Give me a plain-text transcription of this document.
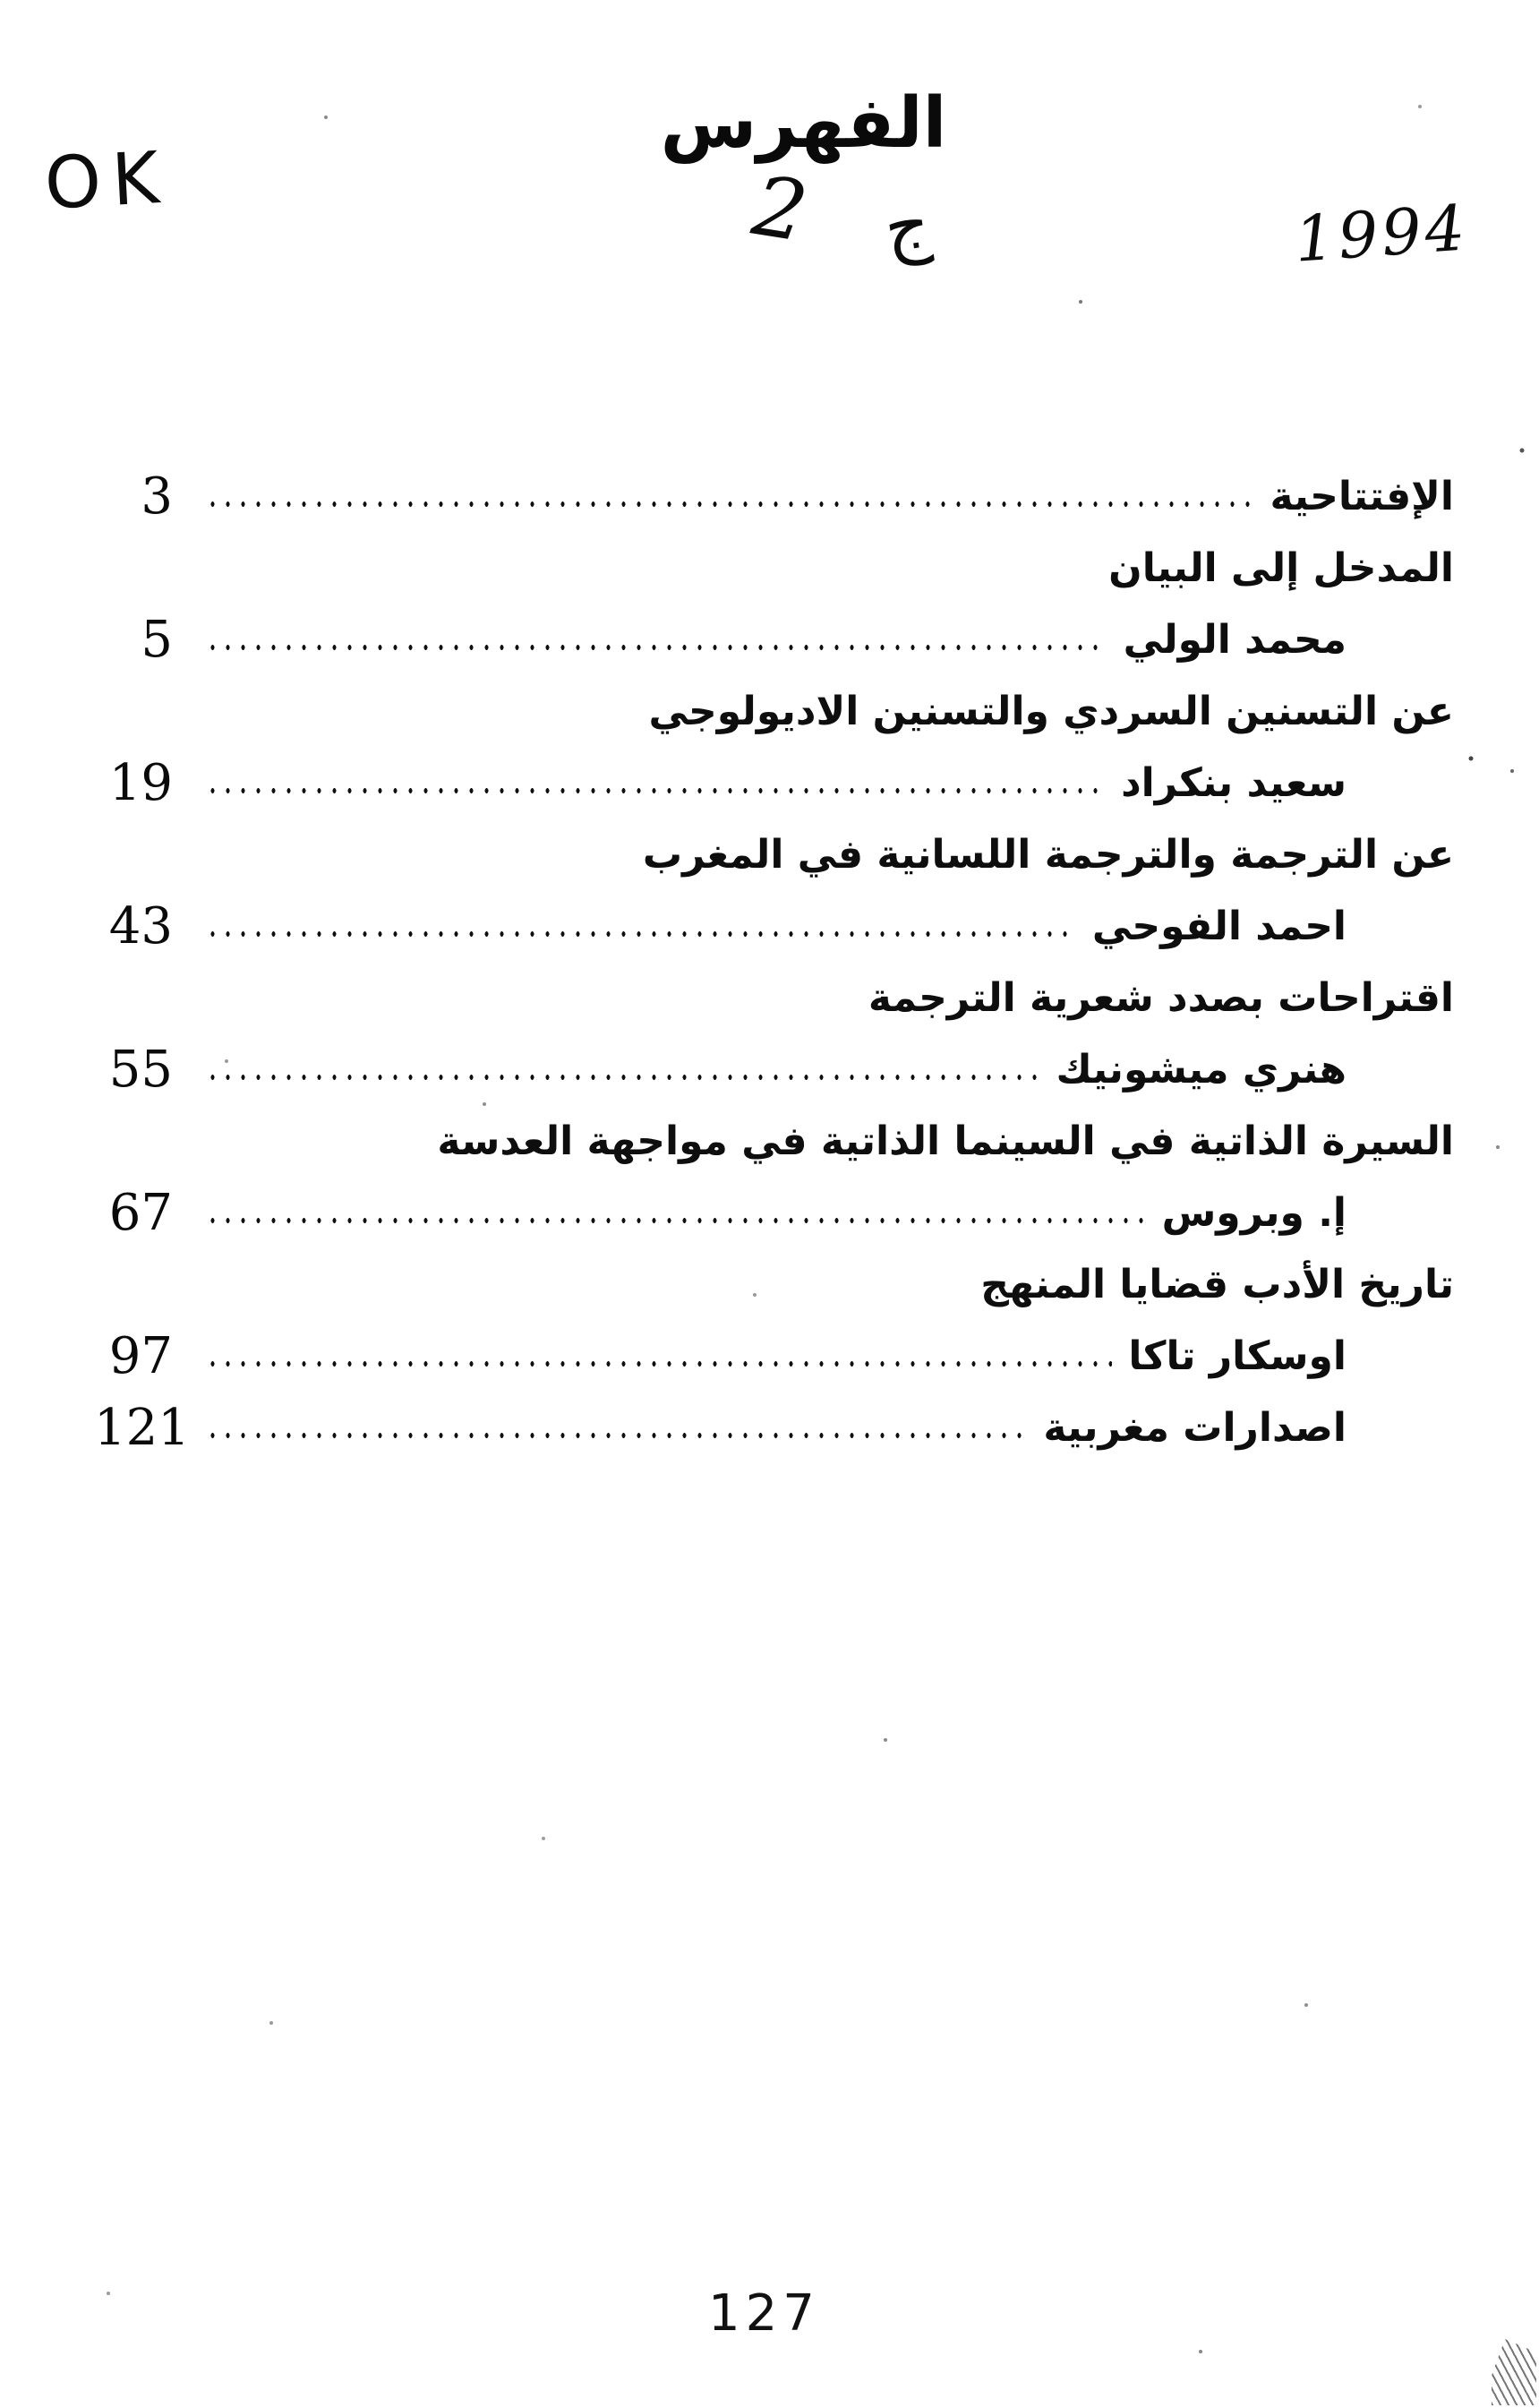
OK
الفهرس
2 ج	1994
الإفتتاحية
3
المدخل إلى البيان
محمد الولي
5
عن التسنين السردي والتسنين الاديولوجي
سعيد بنكراد
19
عن الترجمة والترجمة اللسانية في المغرب
احمد الفوحي
43
اقتراحات بصدد شعرية الترجمة
هنري ميشونيك
55
السيرة الذاتية في السينما الذاتية في مواجهة العدسة
إ. وبروس
67
تاريخ الأدب قضايا المنهج
اوسكار تاكا
97
اصدارات مغربية
121
127
